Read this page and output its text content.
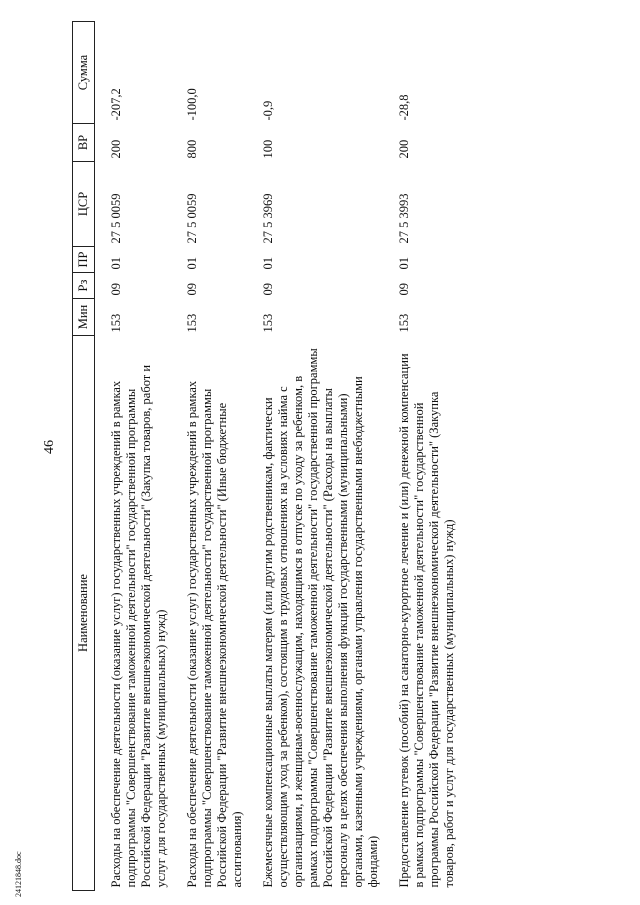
46
Наименование	Мин	Рз	ПР	ЦСР	ВР	Сумма
Расходы на обеспечение деятельности (оказание услуг) государственных учреждений в рамках подпрограммы "Совершенствование таможенной деятельности" государственной программы Российской Федерации "Развитие внешнеэкономической деятельности" (Закупка товаров, работ и услуг для государственных (муниципальных) нужд)	153	09	01	27 5 0059	200	-207,2
Расходы на обеспечение деятельности (оказание услуг) государственных учреждений в рамках подпрограммы "Совершенствование таможенной деятельности" государственной программы Российской Федерации "Развитие внешнеэкономической деятельности" (Иные бюджетные ассигнования)	153	09	01	27 5 0059	800	-100,0
Ежемесячные компенсационные выплаты матерям (или другим родственникам, фактически осуществляющим уход за ребенком), состоящим в трудовых отношениях на условиях найма с организациями, и женщинам-военнослужащим, находящимся в отпуске по уходу за ребенком, в рамках подпрограммы "Совершенствование таможенной деятельности" государственной программы Российской Федерации "Развитие внешнеэкономической деятельности" (Расходы на выплаты персоналу в целях обеспечения выполнения функций государственными (муниципальными) органами, казенными учреждениями, органами управления государственными внебюджетными фондами)	153	09	01	27 5 3969	100	-0,9
Предоставление путевок (пособий) на санаторно-курортное лечение и (или) денежной компенсации в рамках подпрограммы "Совершенствование таможенной деятельности" государственной программы Российской Федерации "Развитие внешнеэкономической деятельности" (Закупка товаров, работ и услуг для государственных (муниципальных) нужд)	153	09	01	27 5 3993	200	-28,8
24121848.doc
